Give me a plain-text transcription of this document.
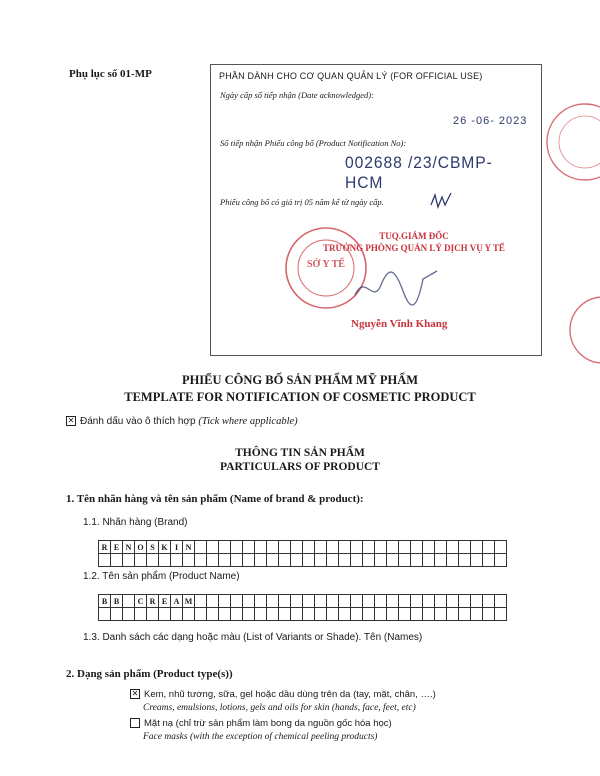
Phụ lục số 01-MP	PHẦN DÀNH CHO CƠ QUAN QUẢN LÝ (FOR OFFICIAL USE)
Ngày cấp số tiếp nhận (Date acknowledged):
26 -06- 2023
Số tiếp nhận Phiếu công bố (Product Notification No):
002688 /23/CBMP-HCM
Phiếu công bố có giá trị 05 năm kể từ ngày cấp.
SỞ Y TẾ
TUQ.GIÁM ĐỐC
TRƯỞNG PHÒNG QUẢN LÝ DỊCH VỤ Y TẾ
Nguyễn Vĩnh Khang
PHIẾU CÔNG BỐ SẢN PHẨM MỸ PHẨM
TEMPLATE FOR NOTIFICATION OF COSMETIC PRODUCT
✕ Đánh dấu vào ô thích hợp (Tick where applicable)
THÔNG TIN SẢN PHẨM
PARTICULARS OF PRODUCT
1. Tên nhãn hàng và tên sản phẩm (Name of brand & product):
1.1. Nhãn hàng (Brand)
R	E	N	O	S	K	I	N																										

1.2. Tên sản phẩm (Product Name)
B	B		C	R	E	A	M																										

1.3. Danh sách các dạng hoặc màu (List of Variants or Shade). Tên (Names)
2. Dạng sản phẩm (Product type(s))
✕ Kem, nhũ tương, sữa, gel hoặc dầu dùng trên da (tay, mặt, chân, ….)
Creams, emulsions, lotions, gels and oils for skin (hands, face, feet, etc)
Mặt nạ (chỉ trừ sản phẩm làm bong da nguồn gốc hóa học)
Face masks (with the exception of chemical peeling products)
